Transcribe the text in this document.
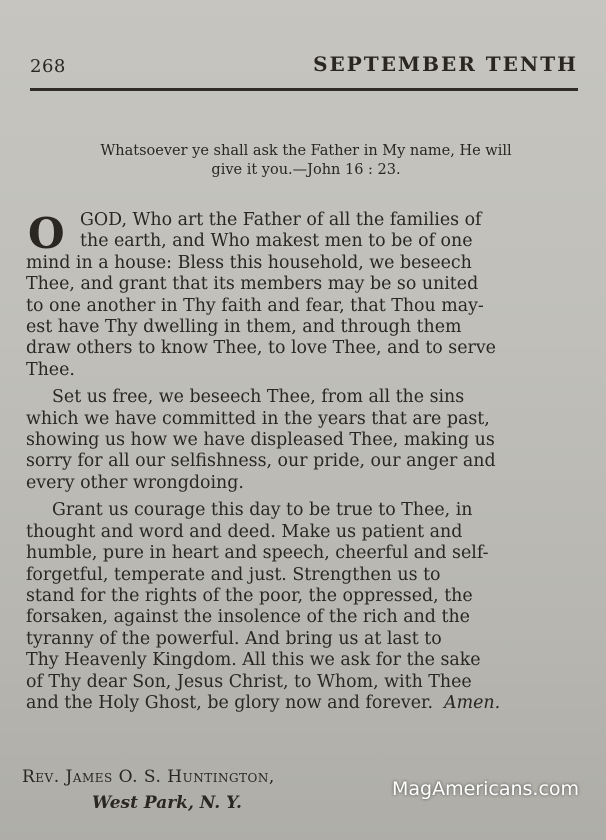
268	SEPTEMBER TENTH
Whatsoever ye shall ask the Father in My name, He will
give it you.—John 16 : 23.
O GOD, Who art the Father of all the families of
the earth, and Who makest men to be of one
mind in a house: Bless this household, we beseech
Thee, and grant that its members may be so united
to one another in Thy faith and fear, that Thou may-
est have Thy dwelling in them, and through them
draw others to know Thee, to love Thee, and to serve
Thee.
Set us free, we beseech Thee, from all the sins
which we have committed in the years that are past,
showing us how we have displeased Thee, making us
sorry for all our selfishness, our pride, our anger and
every other wrongdoing.
Grant us courage this day to be true to Thee, in
thought and word and deed. Make us patient and
humble, pure in heart and speech, cheerful and self-
forgetful, temperate and just. Strengthen us to
stand for the rights of the poor, the oppressed, the
forsaken, against the insolence of the rich and the
tyranny of the powerful. And bring us at last to
Thy Heavenly Kingdom. All this we ask for the sake
of Thy dear Son, Jesus Christ, to Whom, with Thee
and the Holy Ghost, be glory now and forever. Amen.
Rev. James O. S. Huntington,
West Park, N. Y.
MagAmericans.com
